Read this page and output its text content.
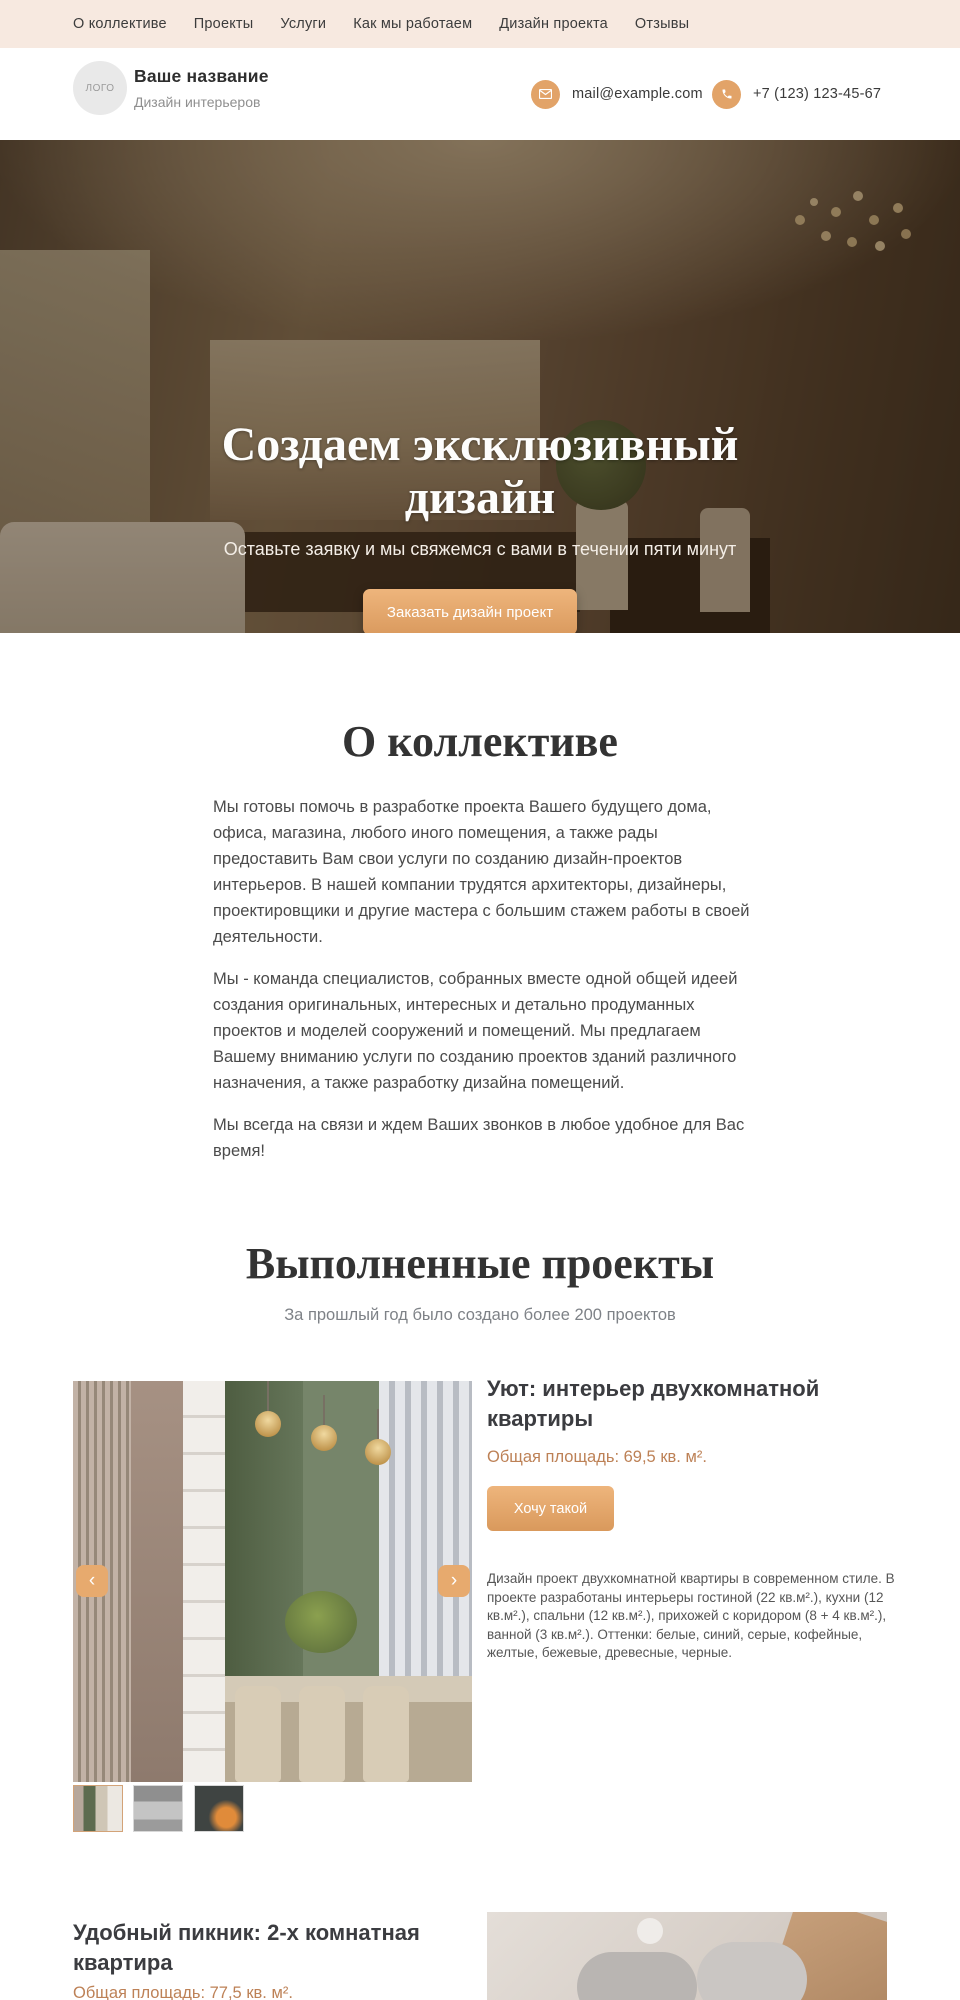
О коллективе Проекты Услуги Как мы работаем Дизайн проекта Отзывы
ЛОГО
Ваше название
Дизайн интерьеров	mail@example.com	+7 (123) 123-45-67
Создаем эксклюзивный дизайн
Оставьте заявку и мы свяжемся с вами в течении пяти минут
Заказать дизайн проект
О коллективе

Мы готовы помочь в разработке проекта Вашего будущего дома, офиса, магазина, любого иного помещения, а также рады предоставить Вам свои услуги по созданию дизайн-проектов интерьеров. В нашей компании трудятся архитекторы, дизайнеры, проектировщики и другие мастера с большим стажем работы в своей деятельности.

Мы - команда специалистов, собранных вместе одной общей идеей создания оригинальных, интересных и детально продуманных проектов и моделей сооружений и помещений. Мы предлагаем Вашему вниманию услуги по созданию проектов зданий различного назначения, а также разработку дизайна помещений.

Мы всегда на связи и ждем Ваших звонков в любое удобное для Вас время!

Выполненные проекты
За прошлый год было создано более 200 проектов
‹	›
Уют: интерьер двухкомнатной квартиры
Общая площадь: 69,5 кв. м².
Хочу такой
Дизайн проект двухкомнатной квартиры в современном стиле. В проекте разработаны интерьеры гостиной (22 кв.м².), кухни (12 кв.м².), спальни (12 кв.м².), прихожей с коридором (8 + 4 кв.м².), ванной (3 кв.м².). Оттенки: белые, синий, серые, кофейные, желтые, бежевые, древесные, черные.
Удобный пикник: 2-х комнатная квартира
Общая площадь: 77,5 кв. м².
